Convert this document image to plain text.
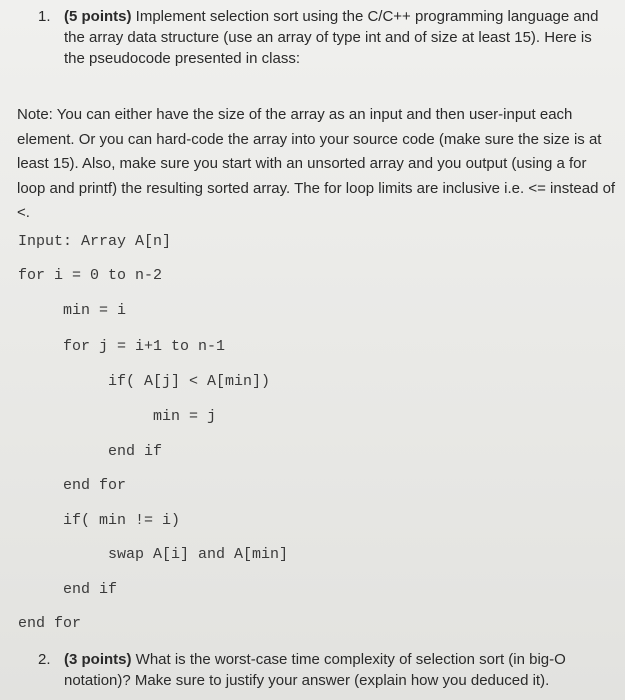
1. (5 points) Implement selection sort using the C/C++ programming language and the array data structure (use an array of type int and of size at least 15). Here is the pseudocode presented in class:
Note: You can either have the size of the array as an input and then user-input each element. Or you can hard-code the array into your source code (make sure the size is at least 15). Also, make sure you start with an unsorted array and you output (using a for loop and printf) the resulting sorted array. The for loop limits are inclusive i.e. <= instead of <.
Input: Array A[n]
for i = 0 to n-2
min = i
for j = i+1 to n-1
if( A[j] < A[min])
min = j
end if
end for
if( min != i)
swap A[i] and A[min]
end if
end for
2. (3 points) What is the worst-case time complexity of selection sort (in big-O notation)? Make sure to justify your answer (explain how you deduced it).
